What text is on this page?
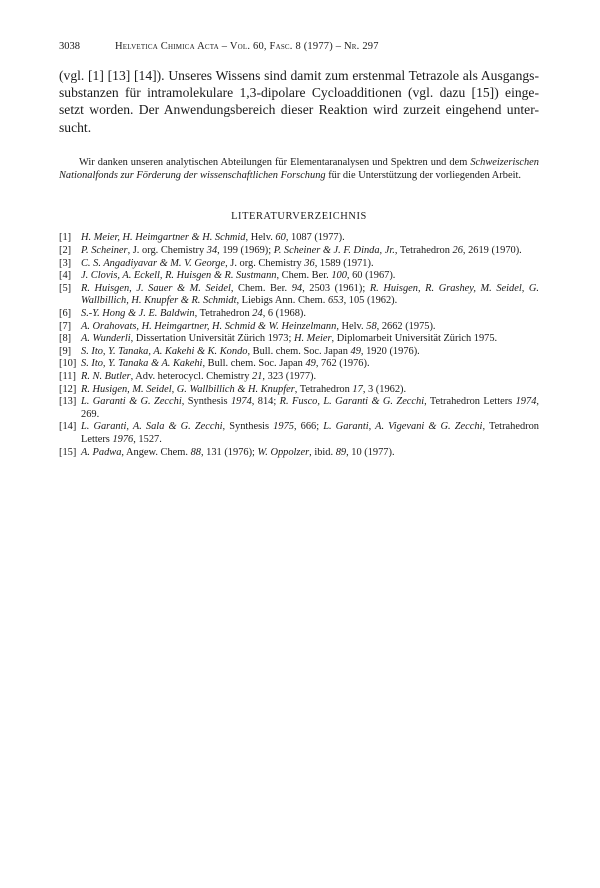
3038	Helvetica Chimica Acta – Vol. 60, Fasc. 8 (1977) – Nr. 297
(vgl. [1] [13] [14]). Unseres Wissens sind damit zum erstenmal Tetrazole als Ausgangs-substanzen für intramolekulare 1,3-dipolare Cycloadditionen (vgl. dazu [15]) einge-setzt worden. Der Anwendungsbereich dieser Reaktion wird zurzeit eingehend unter-sucht.
Wir danken unseren analytischen Abteilungen für Elementaranalysen und Spektren und dem Schweizerischen Nationalfonds zur Förderung der wissenschaftlichen Forschung für die Unterstützung der vorliegenden Arbeit.
LITERATURVERZEICHNIS
[1] H. Meier, H. Heimgartner & H. Schmid, Helv. 60, 1087 (1977).
[2] P. Scheiner, J. org. Chemistry 34, 199 (1969); P. Scheiner & J. F. Dinda, Jr., Tetrahedron 26, 2619 (1970).
[3] C. S. Angadiyavar & M. V. George, J. org. Chemistry 36, 1589 (1971).
[4] J. Clovis, A. Eckell, R. Huisgen & R. Sustmann, Chem. Ber. 100, 60 (1967).
[5] R. Huisgen, J. Sauer & M. Seidel, Chem. Ber. 94, 2503 (1961); R. Huisgen, R. Grashey, M. Seidel, G. Wallbillich, H. Knupfer & R. Schmidt, Liebigs Ann. Chem. 653, 105 (1962).
[6] S.-Y. Hong & J. E. Baldwin, Tetrahedron 24, 6 (1968).
[7] A. Orahovats, H. Heimgartner, H. Schmid & W. Heinzelmann, Helv. 58, 2662 (1975).
[8] A. Wunderli, Dissertation Universität Zürich 1973; H. Meier, Diplomarbeit Universität Zürich 1975.
[9] S. Ito, Y. Tanaka, A. Kakehi & K. Kondo, Bull. chem. Soc. Japan 49, 1920 (1976).
[10] S. Ito, Y. Tanaka & A. Kakehi, Bull. chem. Soc. Japan 49, 762 (1976).
[11] R. N. Butler, Adv. heterocycl. Chemistry 21, 323 (1977).
[12] R. Husigen, M. Seidel, G. Wallbillich & H. Knupfer, Tetrahedron 17, 3 (1962).
[13] L. Garanti & G. Zecchi, Synthesis 1974, 814; R. Fusco, L. Garanti & G. Zecchi, Tetrahedron Letters 1974, 269.
[14] L. Garanti, A. Sala & G. Zecchi, Synthesis 1975, 666; L. Garanti, A. Vigevani & G. Zecchi, Tetrahedron Letters 1976, 1527.
[15] A. Padwa, Angew. Chem. 88, 131 (1976); W. Oppolzer, ibid. 89, 10 (1977).
